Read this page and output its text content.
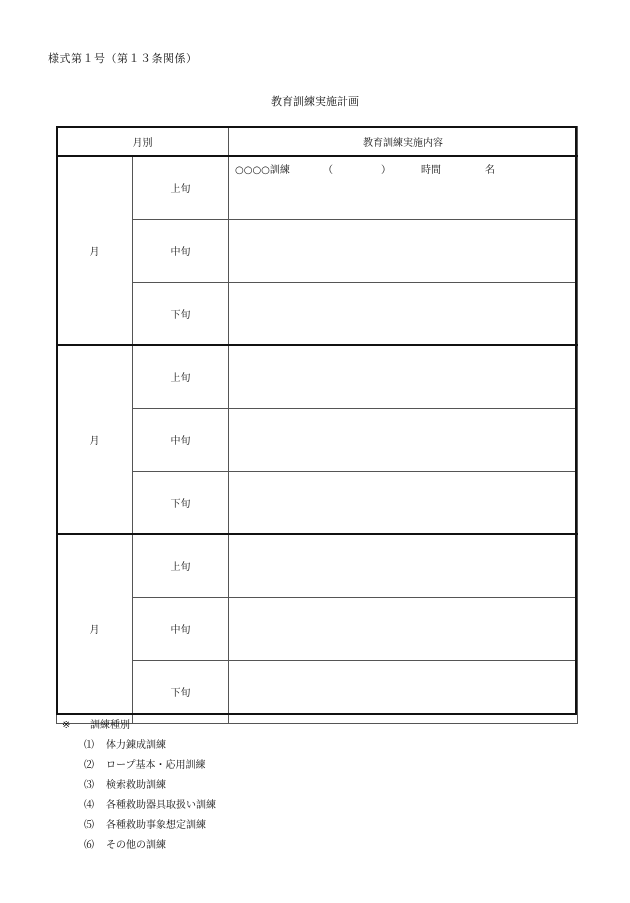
様式第１号（第１３条関係）
教育訓練実施計画
月別		教育訓練実施内容
月	上旬	○○○○訓練 （ ） 時間 名

	中旬	
	下旬	
月	上旬	
	中旬	
	下旬	
月	上旬	
	中旬	
	下旬	
※ 訓練種別
⑴ 体力錬成訓練
⑵ ロープ基本・応用訓練
⑶ 検索救助訓練
⑷ 各種救助器具取扱い訓練
⑸ 各種救助事象想定訓練
⑹ その他の訓練
